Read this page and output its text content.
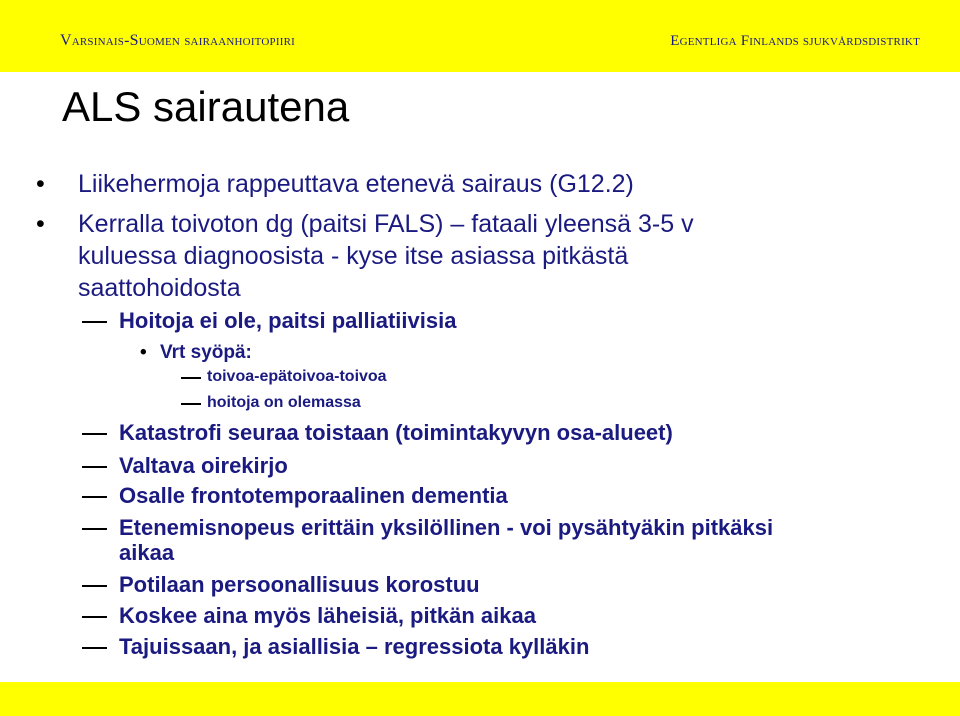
Varsinais-Suomen sairaanhoitopiiri	Egentliga Finlands sjukvårdsdistrikt
ALS sairautena
• Liikehermoja rappeuttava etenevä sairaus (G12.2)
• Kerralla toivoton dg (paitsi FALS) – fataali yleensä 3-5 v
kuluessa diagnoosista - kyse itse asiassa pitkästä
saattohoidosta
Hoitoja ei ole, paitsi palliatiivisia
• Vrt syöpä:
toivoa-epätoivoa-toivoa
hoitoja on olemassa
Katastrofi seuraa toistaan (toimintakyvyn osa-alueet)
Valtava oirekirjo
Osalle frontotemporaalinen dementia
Etenemisnopeus erittäin yksilöllinen - voi pysähtyäkin pitkäksi
aikaa
Potilaan persoonallisuus korostuu
Koskee aina myös läheisiä, pitkän aikaa
Tajuissaan, ja asiallisia – regressiota kylläkin
